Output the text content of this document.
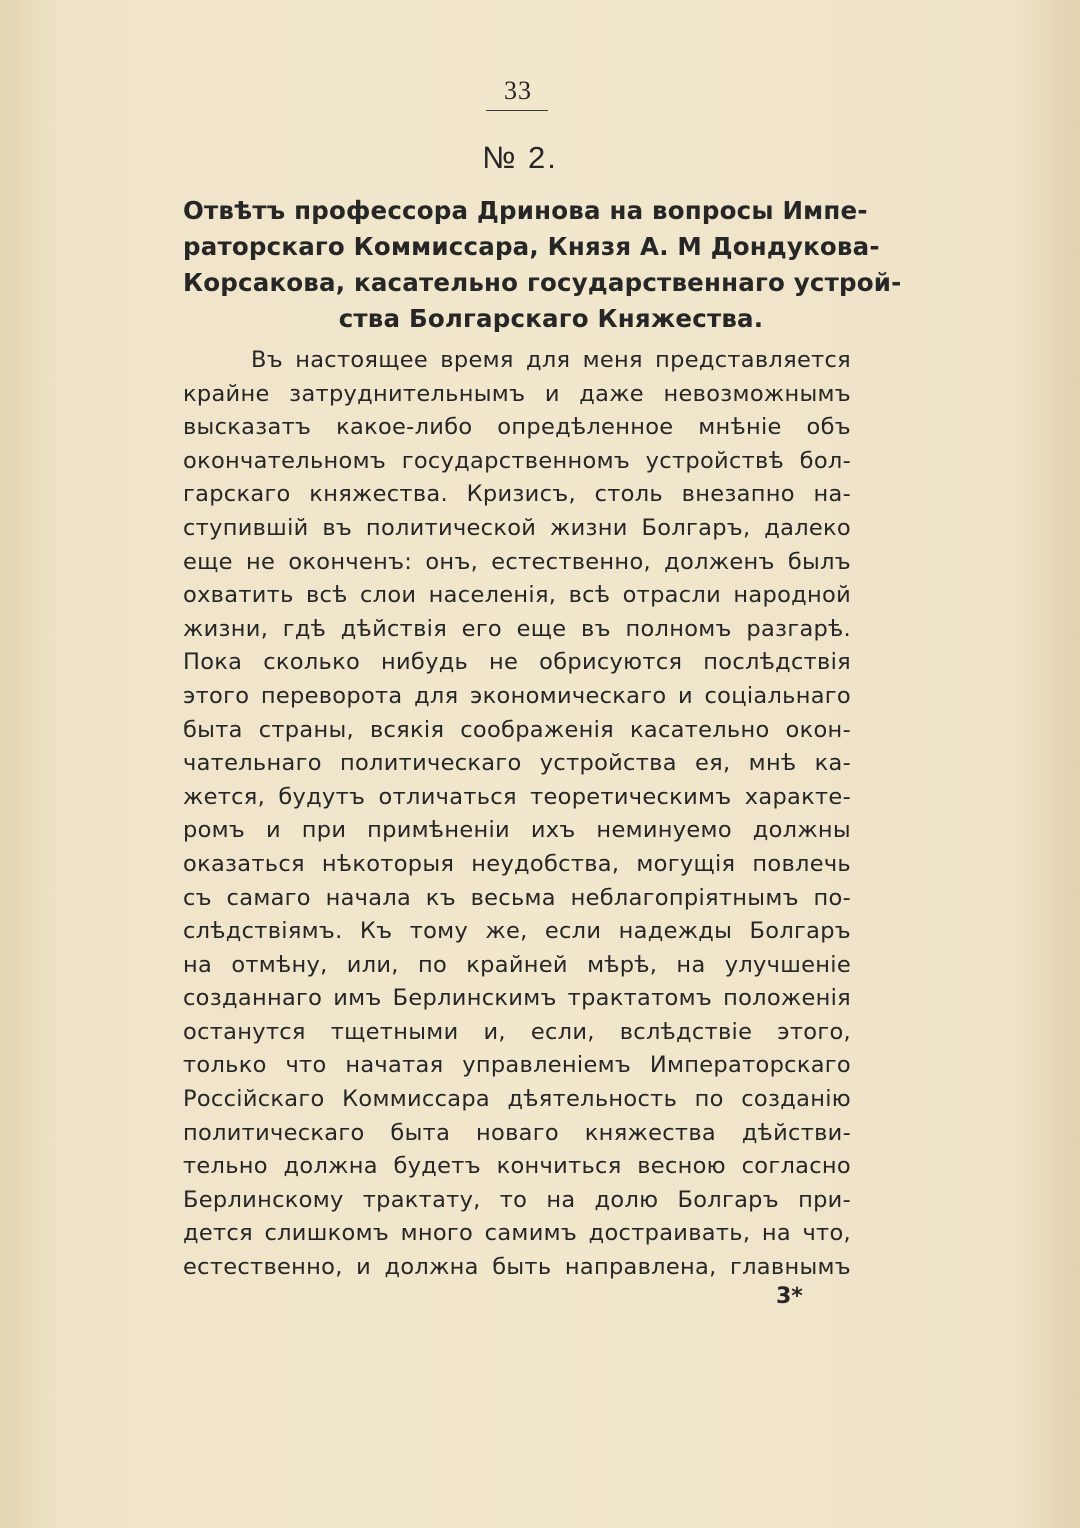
33
№ 2.
Отвѣтъ профессора Дринова на вопросы Импе-
раторскаго Коммиссара, Князя А. М Дондукова-
Корсакова, касательно государственнаго устрой-
ства Болгарскаго Княжества.
Въ настоящее время для меня представляется
крайне затруднительнымъ и даже невозможнымъ
высказатъ какое-либо опредѣленное мнѣніе объ
окончательномъ государственномъ устройствѣ бол-
гарскаго княжества. Кризисъ, столь внезапно на-
ступившій въ политической жизни Болгаръ, далеко
еще не оконченъ: онъ, естественно, долженъ былъ
охватить всѣ слои населенія, всѣ отрасли народной
жизни, гдѣ дѣйствія его еще въ полномъ разгарѣ.
Пока сколько нибудь не обрисуются послѣдствія
этого переворота для экономическаго и соціальнаго
быта страны, всякія соображенія касательно окон-
чательнаго политическаго устройства ея, мнѣ ка-
жется, будутъ отличаться теоретическимъ характе-
ромъ и при примѣненіи ихъ неминуемо должны
оказаться нѣкоторыя неудобства, могущія повлечь
съ самаго начала къ весьма неблагопріятнымъ по-
слѣдствіямъ. Къ тому же, если надежды Болгаръ
на отмѣну, или, по крайней мѣрѣ, на улучшеніе
созданнаго имъ Берлинскимъ трактатомъ положенія
останутся тщетными и, если, вслѣдствіе этого,
только что начатая управленіемъ Императорскаго
Россійскаго Коммиссара дѣятельность по созданію
политическаго быта новаго княжества дѣйстви-
тельно должна будетъ кончиться весною согласно
Берлинскому трактату, то на долю Болгаръ при-
дется слишкомъ много самимъ достраивать, на что,
естественно, и должна быть направлена, главнымъ
3*
